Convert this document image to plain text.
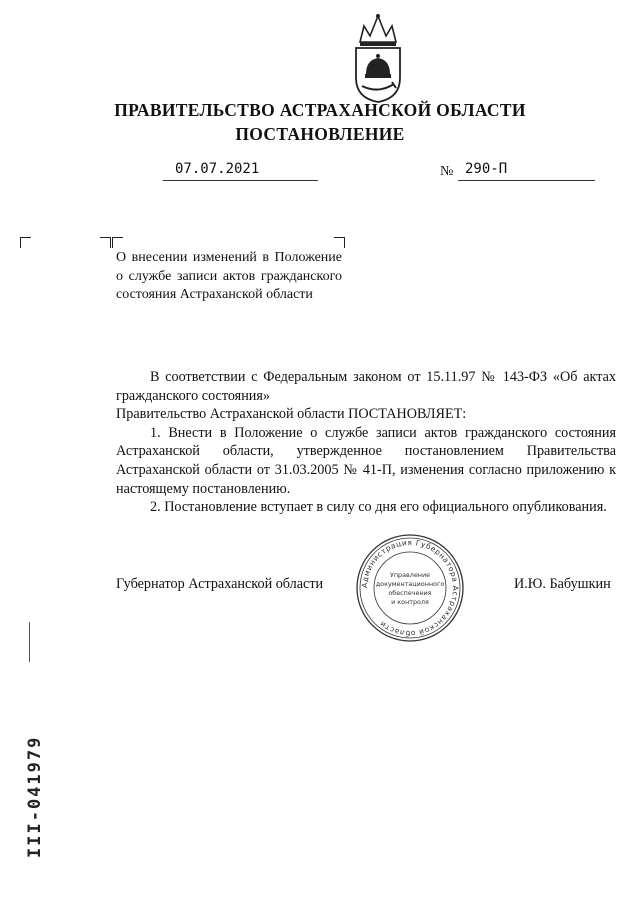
ПРАВИТЕЛЬСТВО АСТРАХАНСКОЙ ОБЛАСТИ
ПОСТАНОВЛЕНИЕ
07.07.2021	№ 290-П
О внесении изменений в Положение о службе записи актов гражданского состояния Астраханской области

В соответствии с Федеральным законом от 15.11.97 № 143-ФЗ «Об актах гражданского состояния»

Правительство Астраханской области ПОСТАНОВЛЯЕТ:

1. Внести в Положение о службе записи актов гражданского состояния Астраханской области, утвержденное постановлением Правительства Астраханской области от 31.03.2005 № 41-П, изменения согласно приложению к настоящему постановлению.

2. Постановление вступает в силу со дня его официального опубликования.

Губернатор Астраханской области	И.Ю. Бабушкин
Администрация Губернатора Астраханской области
Управление
документационного
обеспечения
и контроля
III-041979
